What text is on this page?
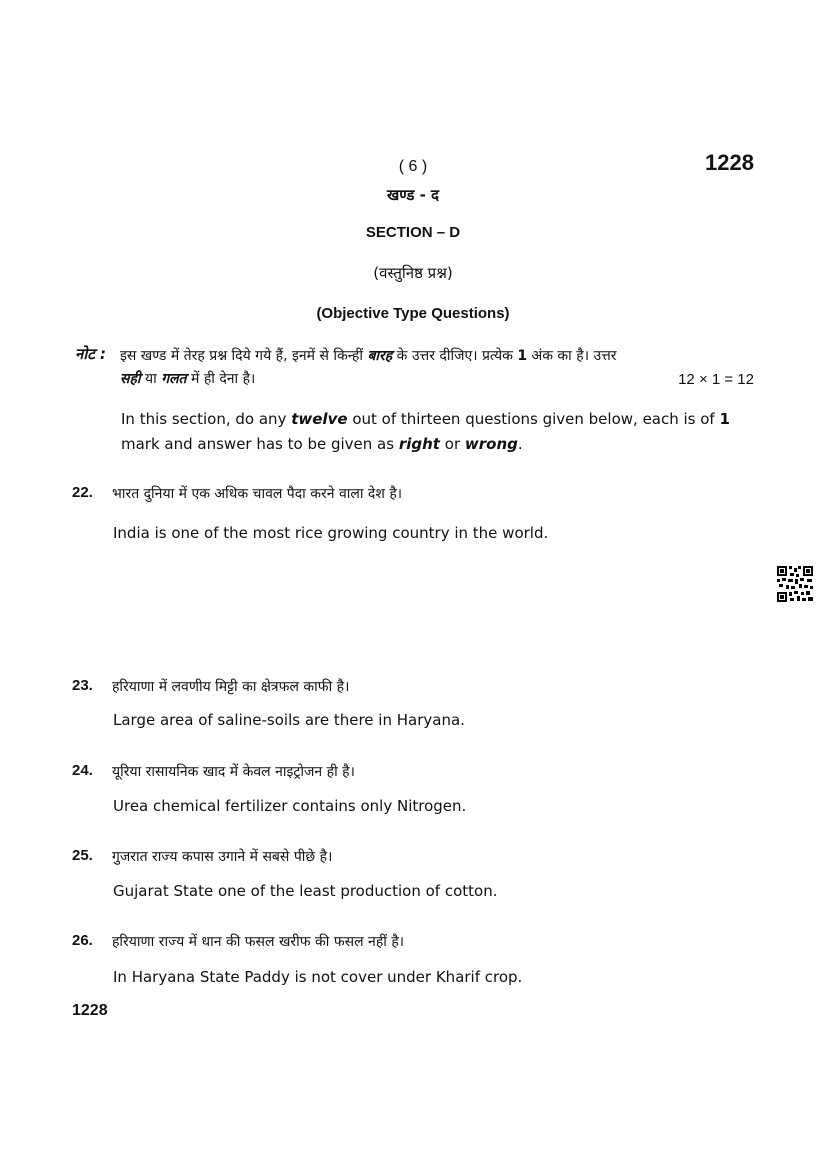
( 6 )	1228
खण्ड - द
SECTION – D
(वस्तुनिष्ठ प्रश्न)
(Objective Type Questions)
नोट : इस खण्ड में तेरह प्रश्न दिये गये हैं, इनमें से किन्हीं बारह के उत्तर दीजिए। प्रत्येक 1 अंक का है। उत्तर
सही या गलत में ही देना है।	12 × 1 = 12
In this section, do any twelve out of thirteen questions given below, each is of 1 mark and answer has to be given as right or wrong.
22. भारत दुनिया में एक अधिक चावल पैदा करने वाला देश है।
India is one of the most rice growing country in the world.
23. हरियाणा में लवणीय मिट्टी का क्षेत्रफल काफी है।
Large area of saline-soils are there in Haryana.
24. यूरिया रासायनिक खाद में केवल नाइट्रोजन ही है।
Urea chemical fertilizer contains only Nitrogen.
25. गुजरात राज्य कपास उगाने में सबसे पीछे है।
Gujarat State one of the least production of cotton.
26. हरियाणा राज्य में धान की फसल खरीफ की फसल नहीं है।
In Haryana State Paddy is not cover under Kharif crop.
1228
